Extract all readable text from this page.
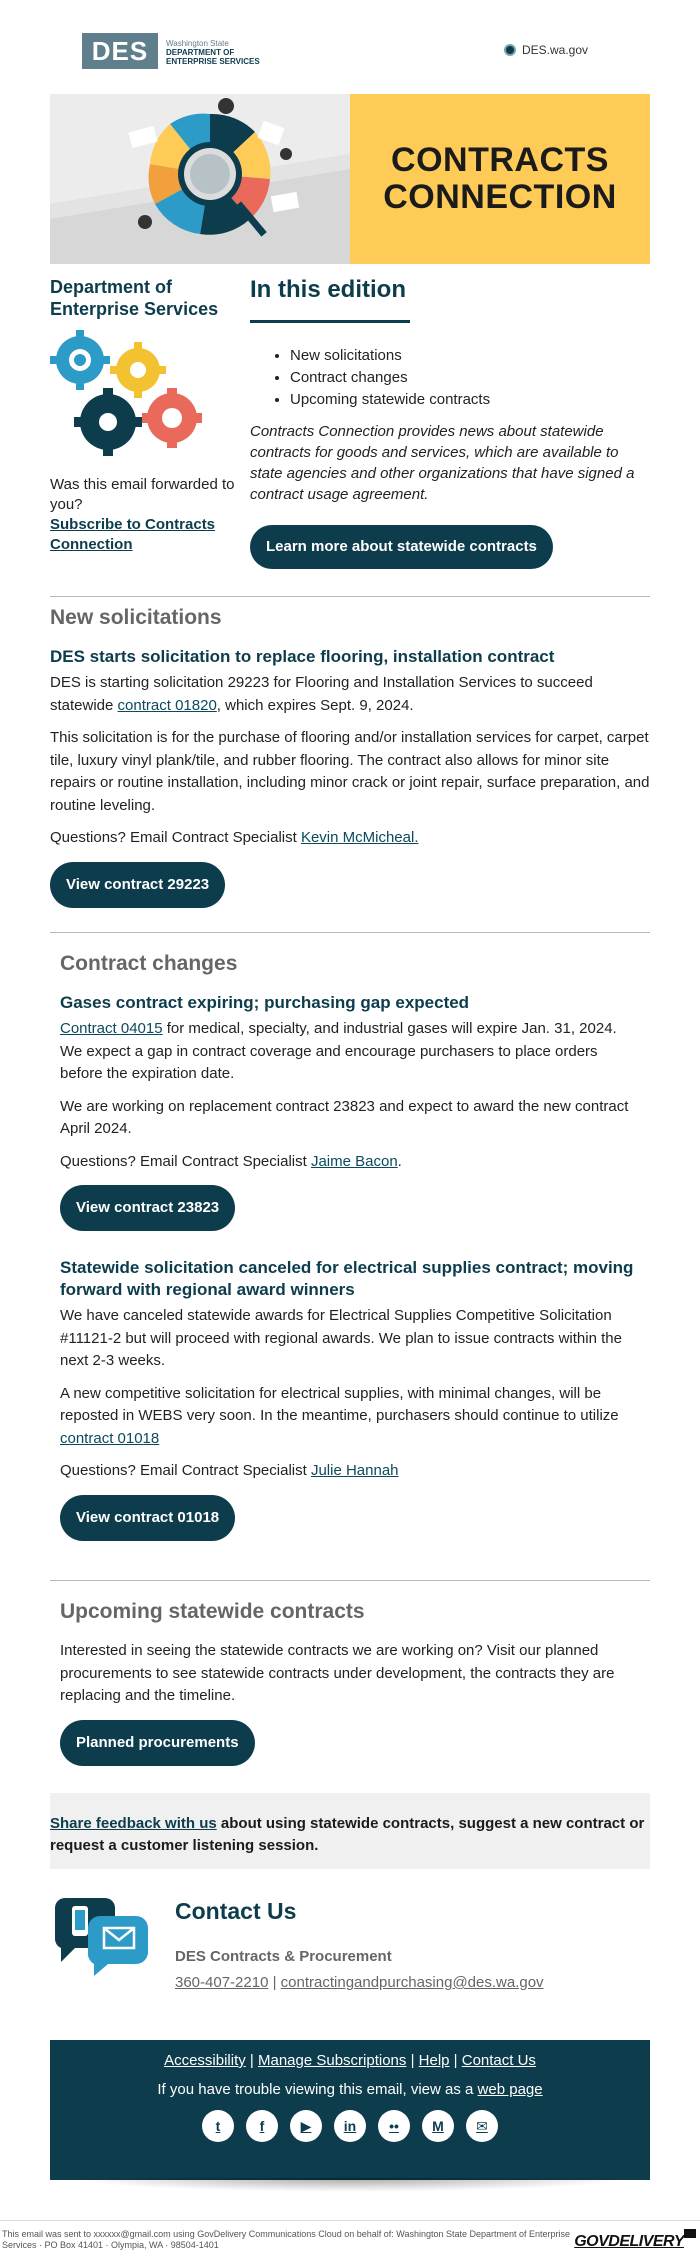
DES Washington State
DEPARTMENT OF
ENTERPRISE SERVICES
DES.wa.gov
CONTRACTS
CONNECTION
Department of Enterprise Services
Was this email forwarded to you?
Subscribe to Contracts Connection
In this edition
• New solicitations
• Contract changes
• Upcoming statewide contracts

Contracts Connection provides news about statewide contracts for goods and services, which are available to state agencies and other organizations that have signed a contract usage agreement.

Learn more about statewide contracts
New solicitations
DES starts solicitation to replace flooring, installation contract

DES is starting solicitation 29223 for Flooring and Installation Services to succeed statewide contract 01820, which expires Sept. 9, 2024.

This solicitation is for the purchase of flooring and/or installation services for carpet, carpet tile, luxury vinyl plank/tile, and rubber flooring. The contract also allows for minor site repairs or routine installation, including minor crack or joint repair, surface preparation, and routine leveling.

Questions? Email Contract Specialist Kevin McMicheal.

View contract 29223
Contract changes
Gases contract expiring; purchasing gap expected

Contract 04015 for medical, specialty, and industrial gases will expire Jan. 31, 2024. We expect a gap in contract coverage and encourage purchasers to place orders before the expiration date.

We are working on replacement contract 23823 and expect to award the new contract April 2024.

Questions? Email Contract Specialist Jaime Bacon.

View contract 23823
Statewide solicitation canceled for electrical supplies contract; moving forward with regional award winners

We have canceled statewide awards for Electrical Supplies Competitive Solicitation #11121-2 but will proceed with regional awards. We plan to issue contracts within the next 2-3 weeks.

A new competitive solicitation for electrical supplies, with minimal changes, will be reposted in WEBS very soon. In the meantime, purchasers should continue to utilize contract 01018

Questions? Email Contract Specialist Julie Hannah

View contract 01018
Upcoming statewide contracts

Interested in seeing the statewide contracts we are working on? Visit our planned procurements to see statewide contracts under development, the contracts they are replacing and the timeline.

Planned procurements

Share feedback with us about using statewide contracts, suggest a new contract or request a customer listening session.

Contact Us
DES Contracts & Procurement
360-407-2210 | contractingandpurchasing@des.wa.gov
Accessibility | Manage Subscriptions | Help | Contact Us
If you have trouble viewing this email, view as a web page
t	f	▶	in	••	M	✉
This email was sent to xxxxxx@gmail.com using GovDelivery Communications Cloud on behalf of: Washington State Department of Enterprise Services · PO Box 41401 · Olympia, WA · 98504-1401	GOVDELIVERY
